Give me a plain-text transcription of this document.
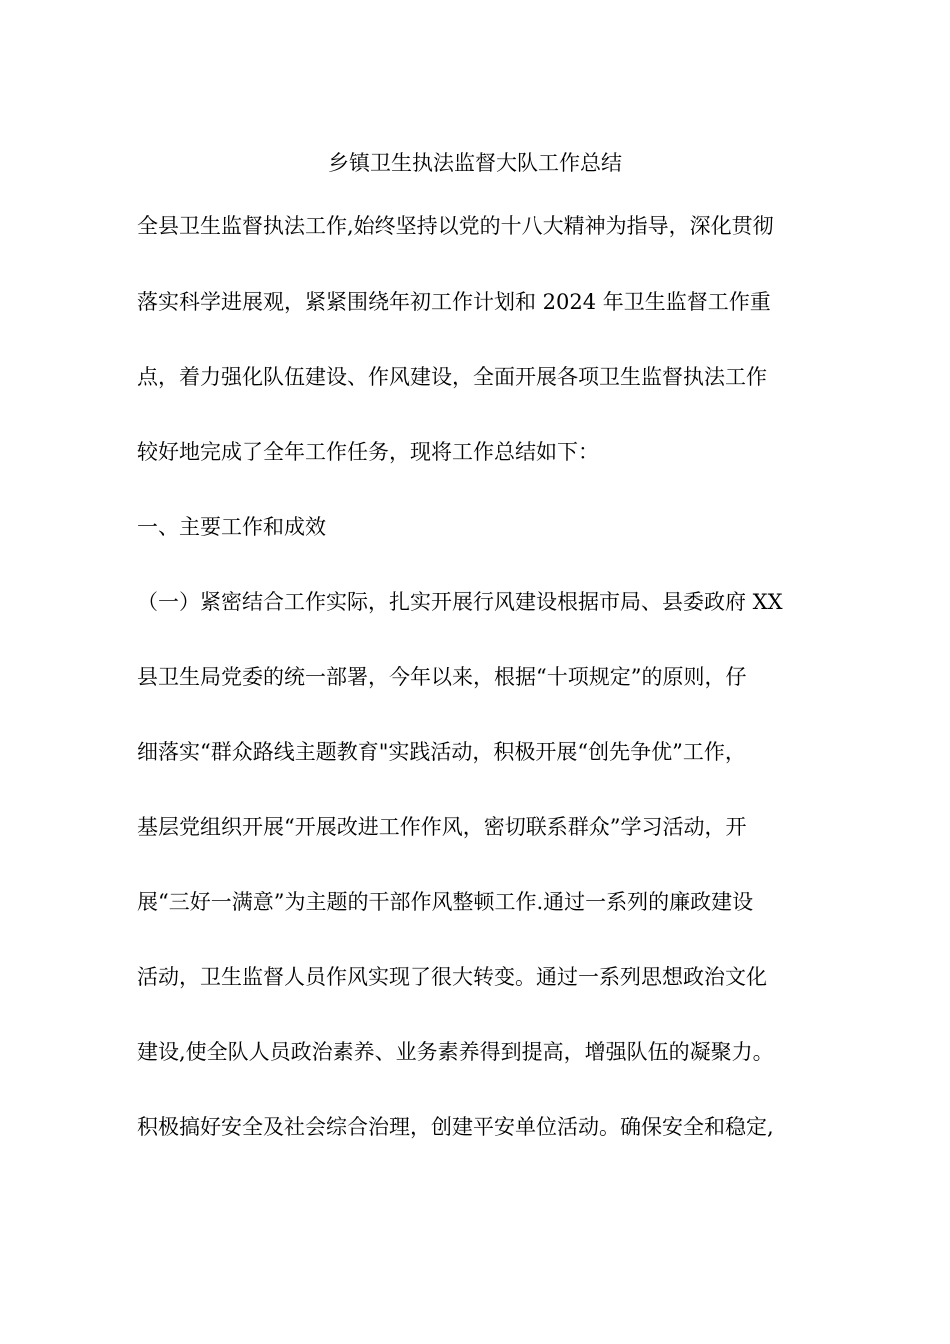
乡镇卫生执法监督大队工作总结
全县卫生监督执法工作,始终坚持以党的十八大精神为指导，深化贯彻
落实科学进展观，紧紧围绕年初工作计划和 2024 年卫生监督工作重
点，着力强化队伍建设、作风建设，全面开展各项卫生监督执法工作
较好地完成了全年工作任务，现将工作总结如下：
一、主要工作和成效
（一）紧密结合工作实际，扎实开展行风建设根据市局、县委政府 XX
县卫生局党委的统一部署，今年以来，根据“十项规定”的原则，仔
细落实“群众路线主题教育"实践活动，积极开展“创先争优”工作，
基层党组织开展“开展改进工作作风，密切联系群众”学习活动，开
展“三好一满意”为主题的干部作风整顿工作.通过一系列的廉政建设
活动，卫生监督人员作风实现了很大转变。通过一系列思想政治文化
建设,使全队人员政治素养、业务素养得到提高，增强队伍的凝聚力。
积极搞好安全及社会综合治理，创建平安单位活动。确保安全和稳定,
